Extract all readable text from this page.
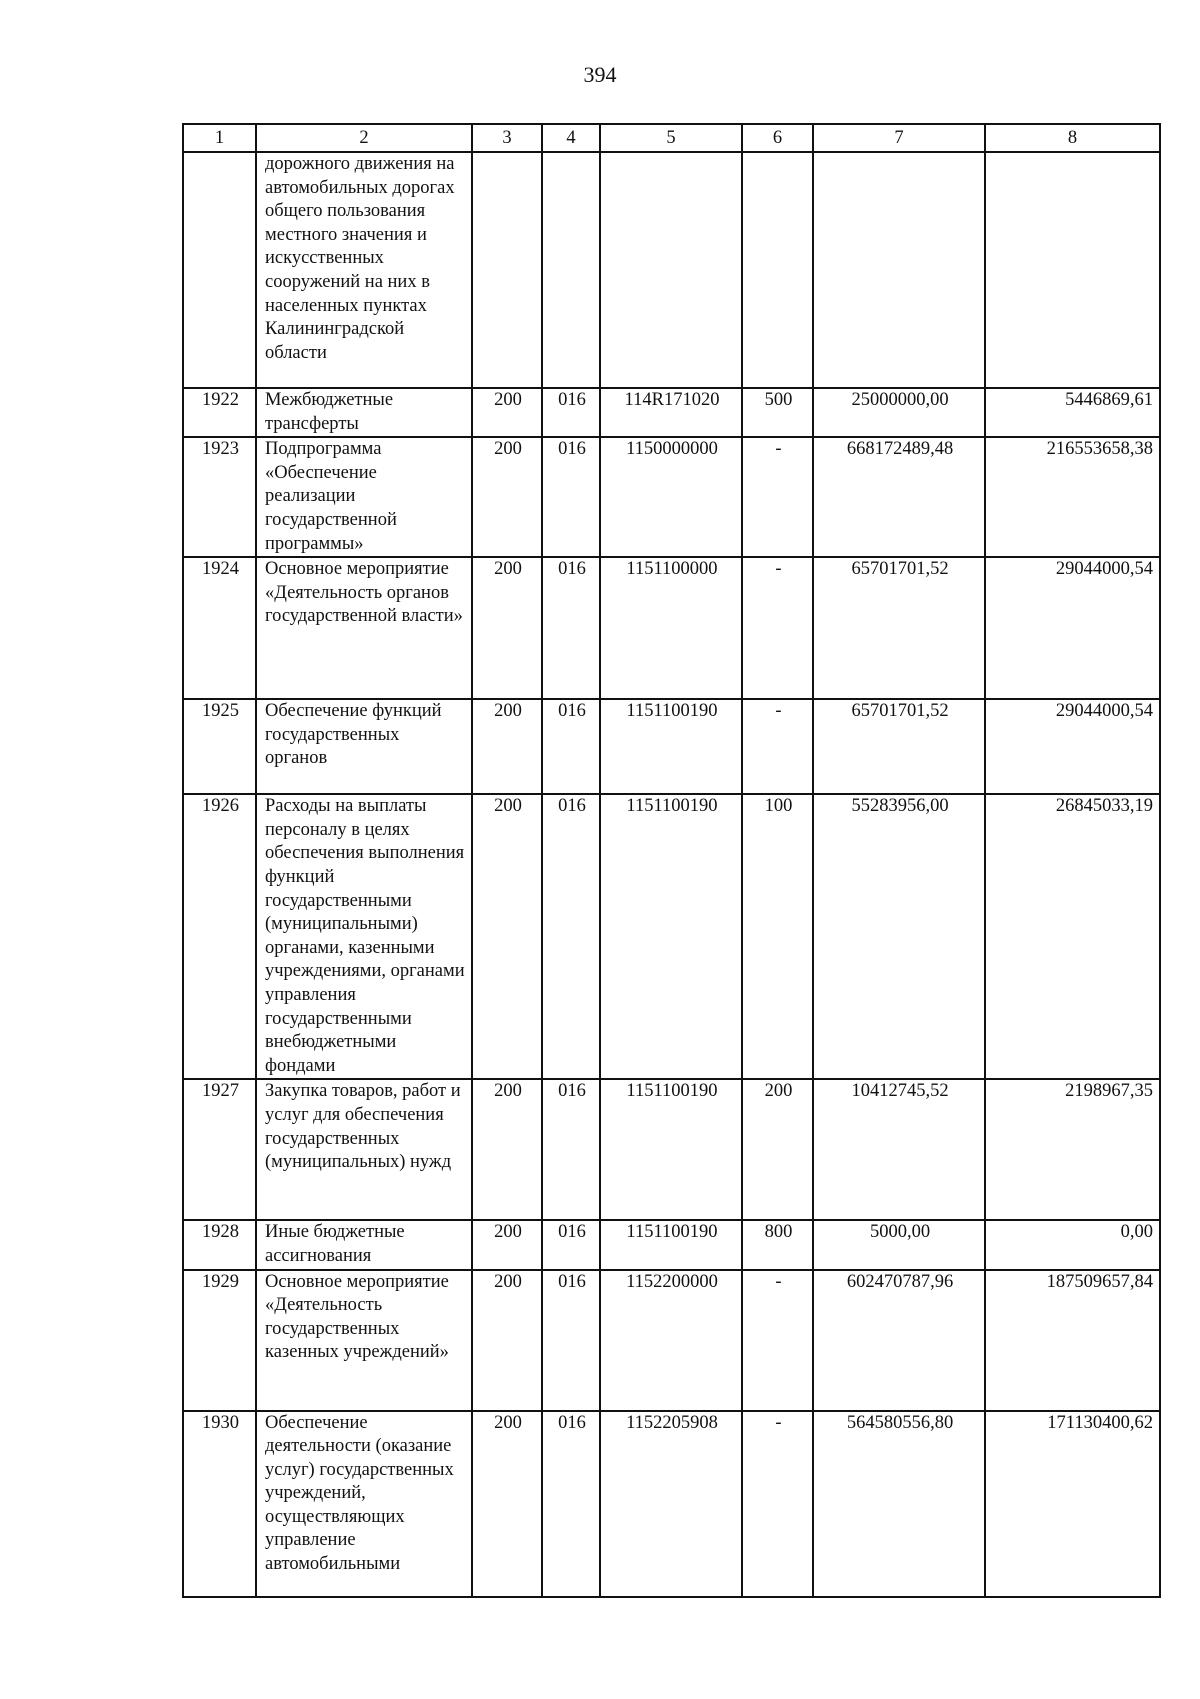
394
1	2	3	4	5	6	7	8
	дорожного движения на автомобильных дорогах общего пользования местного значения и искусственных сооружений на них в населенных пунктах Калининградской области						
1922	Межбюджетные трансферты	200	016	114R171020	500	25000000,00	5446869,61
1923	Подпрограмма «Обеспечение реализации государственной программы»	200	016	1150000000	-	668172489,48	216553658,38
1924	Основное мероприятие «Деятельность органов государственной власти»	200	016	1151100000	-	65701701,52	29044000,54
1925	Обеспечение функций государственных органов	200	016	1151100190	-	65701701,52	29044000,54
1926	Расходы на выплаты персоналу в целях обеспечения выполнения функций государственными (муниципальными) органами, казенными учреждениями, органами управления государственными внебюджетными фондами	200	016	1151100190	100	55283956,00	26845033,19
1927	Закупка товаров, работ и услуг для обеспечения государственных (муниципальных) нужд	200	016	1151100190	200	10412745,52	2198967,35
1928	Иные бюджетные ассигнования	200	016	1151100190	800	5000,00	0,00
1929	Основное мероприятие «Деятельность государственных казенных учреждений»	200	016	1152200000	-	602470787,96	187509657,84
1930	Обеспечение деятельности (оказание услуг) государственных учреждений, осуществляющих управление автомобильными	200	016	1152205908	-	564580556,80	171130400,62
